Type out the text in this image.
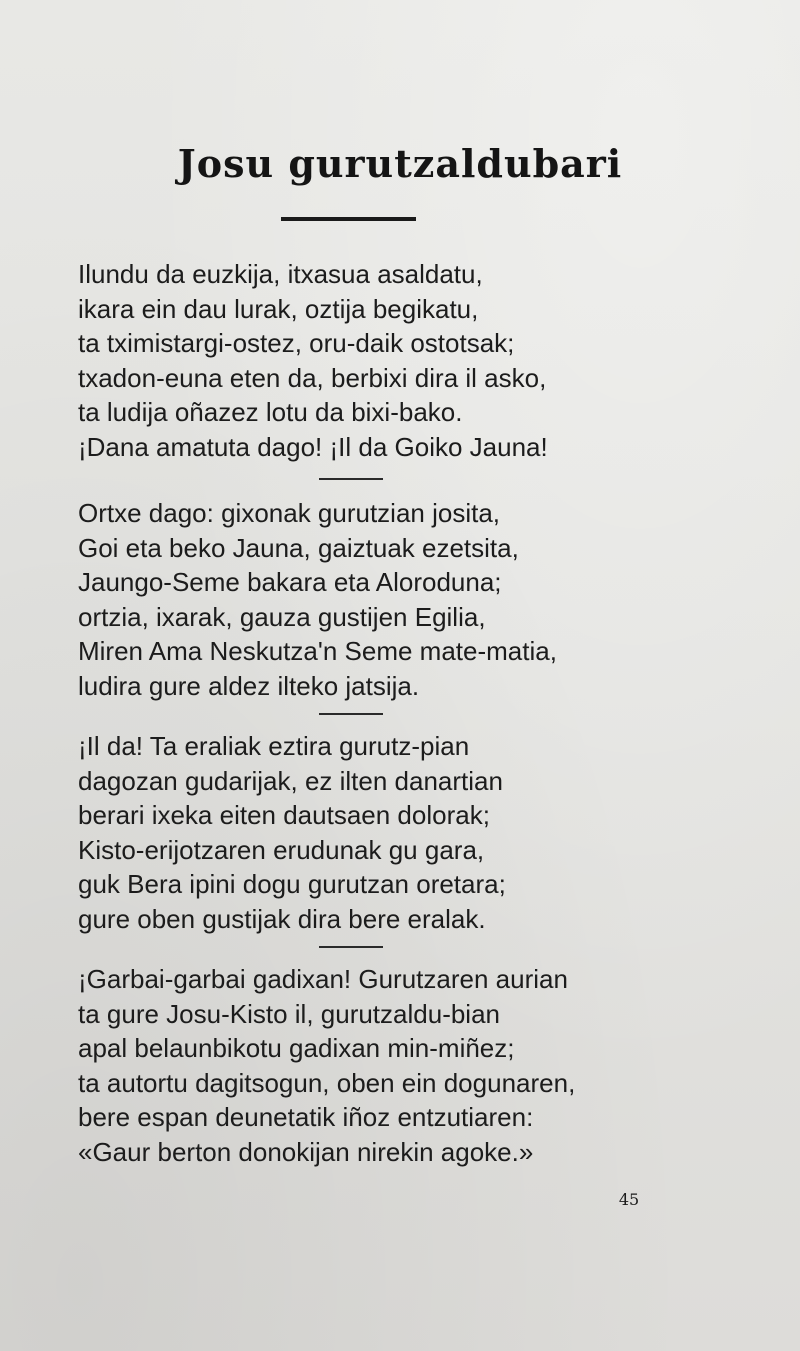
Josu gurutzaldubari
Ilundu da euzkija, itxasua asaldatu,
ikara ein dau lurak, oztija begikatu,
ta tximistargi-ostez, oru-daik ostotsak;
txadon-euna eten da, berbixi dira il asko,
ta ludija oñazez lotu da bixi-bako.
¡Dana amatuta dago! ¡Il da Goiko Jauna!
Ortxe dago: gixonak gurutzian josita,
Goi eta beko Jauna, gaiztuak ezetsita,
Jaungo-Seme bakara eta Aloroduna;
ortzia, ixarak, gauza gustijen Egilia,
Miren Ama Neskutza'n Seme mate-matia,
ludira gure aldez ilteko jatsija.
¡Il da! Ta eraliak eztira gurutz-pian
dagozan gudarijak, ez ilten danartian
berari ixeka eiten dautsaen dolorak;
Kisto-erijotzaren erudunak gu gara,
guk Bera ipini dogu gurutzan oretara;
gure oben gustijak dira bere eralak.
¡Garbai-garbai gadixan! Gurutzaren aurian
ta gure Josu-Kisto il, gurutzaldu-bian
apal belaunbikotu gadixan min-miñez;
ta autortu dagitsogun, oben ein dogunaren,
bere espan deunetatik iñoz entzutiaren:
«Gaur berton donokijan nirekin agoke.»
45
